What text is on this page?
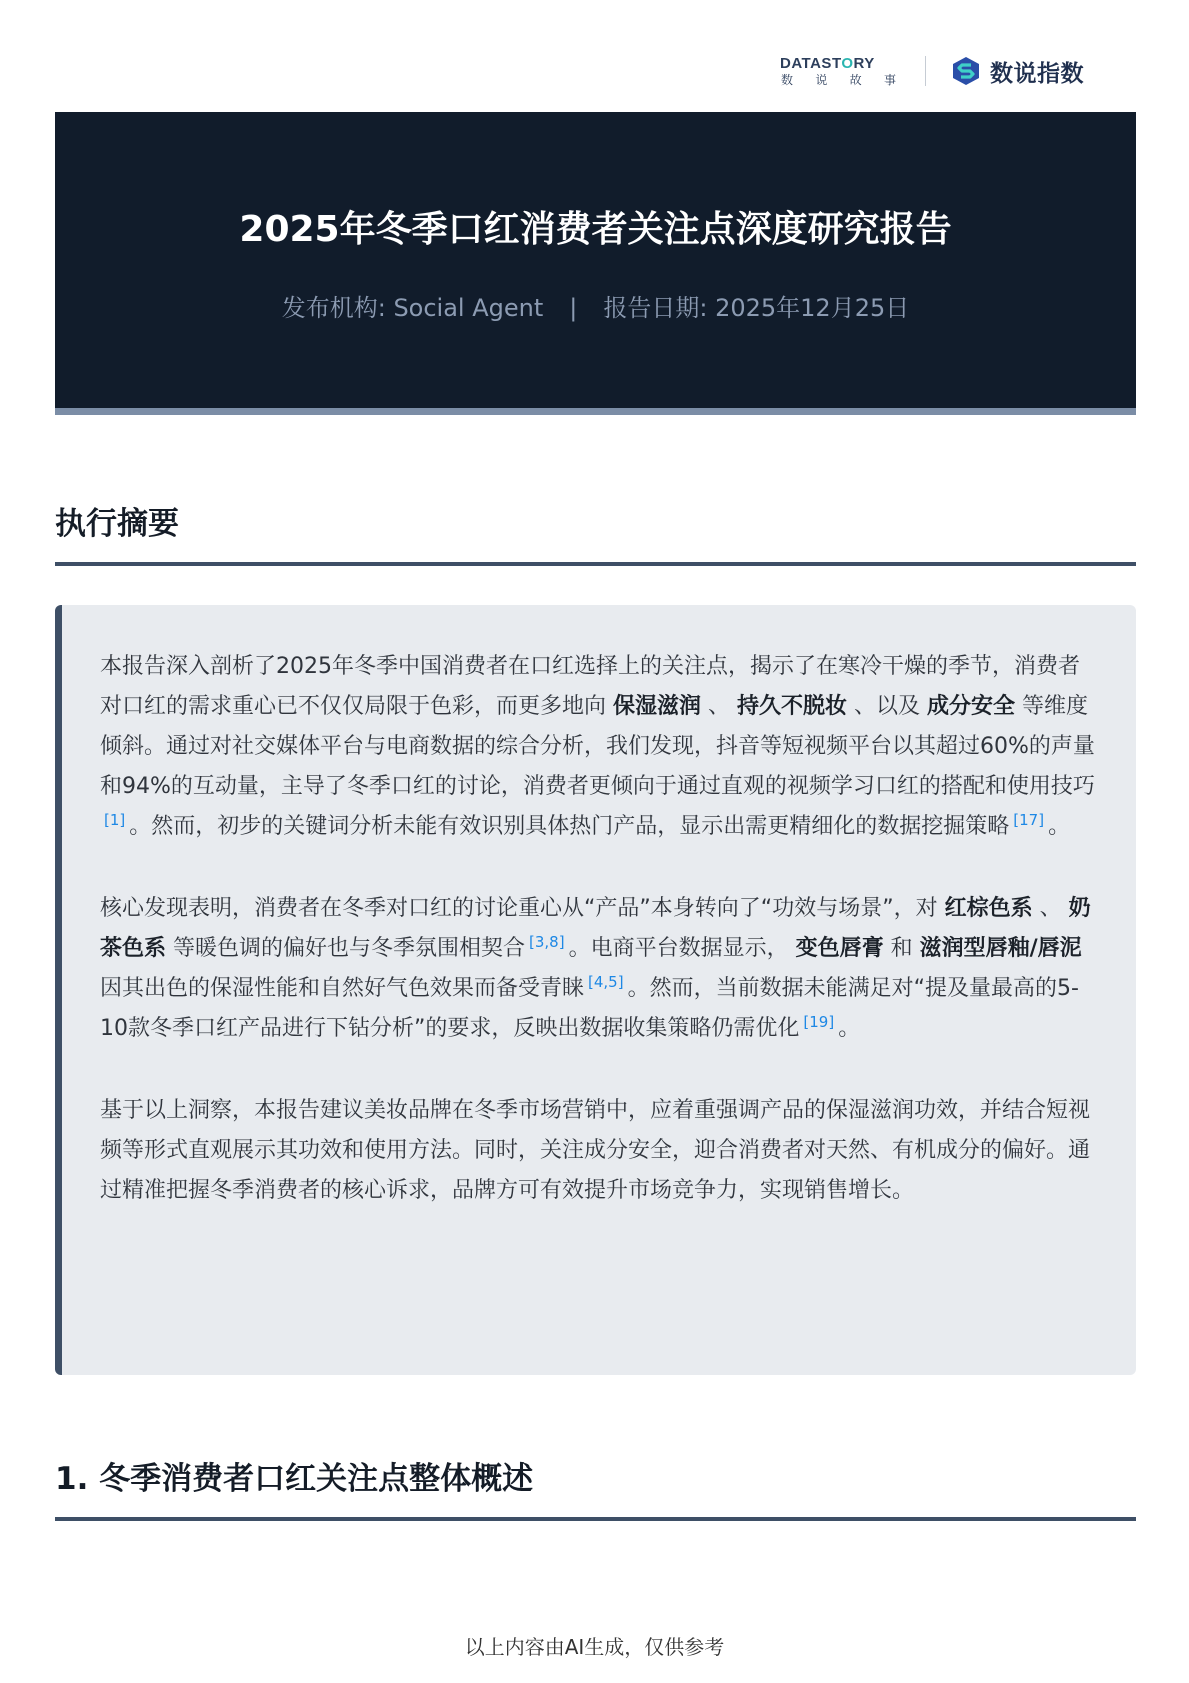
DATASTORY
数 说 故 事	数说指数
2025年冬季口红消费者关注点深度研究报告
发布机构: Social Agent | 报告日期: 2025年12月25日
执行摘要

本报告深入剖析了2025年冬季中国消费者在口红选择上的关注点，揭示了在寒冷干燥的季节，消费者对口红的需求重心已不仅仅局限于色彩，而更多地向 保湿滋润 、 持久不脱妆 、以及 成分安全 等维度倾斜。通过对社交媒体平台与电商数据的综合分析，我们发现，抖音等短视频平台以其超过60%的声量和94%的互动量，主导了冬季口红的讨论，消费者更倾向于通过直观的视频学习口红的搭配和使用技巧[1] 。然而，初步的关键词分析未能有效识别具体热门产品，显示出需更精细化的数据挖掘策略 [17] 。

核心发现表明，消费者在冬季对口红的讨论重心从“产品”本身转向了“功效与场景”，对 红棕色系 、 奶茶色系 等暖色调的偏好也与冬季氛围相契合 [3,8] 。电商平台数据显示， 变色唇膏 和 滋润型唇釉/唇泥 因其出色的保湿性能和自然好气色效果而备受青睐 [4,5] 。然而，当前数据未能满足对“提及量最高的5-10款冬季口红产品进行下钻分析”的要求，反映出数据收集策略仍需优化 [19] 。

基于以上洞察，本报告建议美妆品牌在冬季市场营销中，应着重强调产品的保湿滋润功效，并结合短视频等形式直观展示其功效和使用方法。同时，关注成分安全，迎合消费者对天然、有机成分的偏好。通过精准把握冬季消费者的核心诉求，品牌方可有效提升市场竞争力，实现销售增长。

1. 冬季消费者口红关注点整体概述
以上内容由AI生成，仅供参考
